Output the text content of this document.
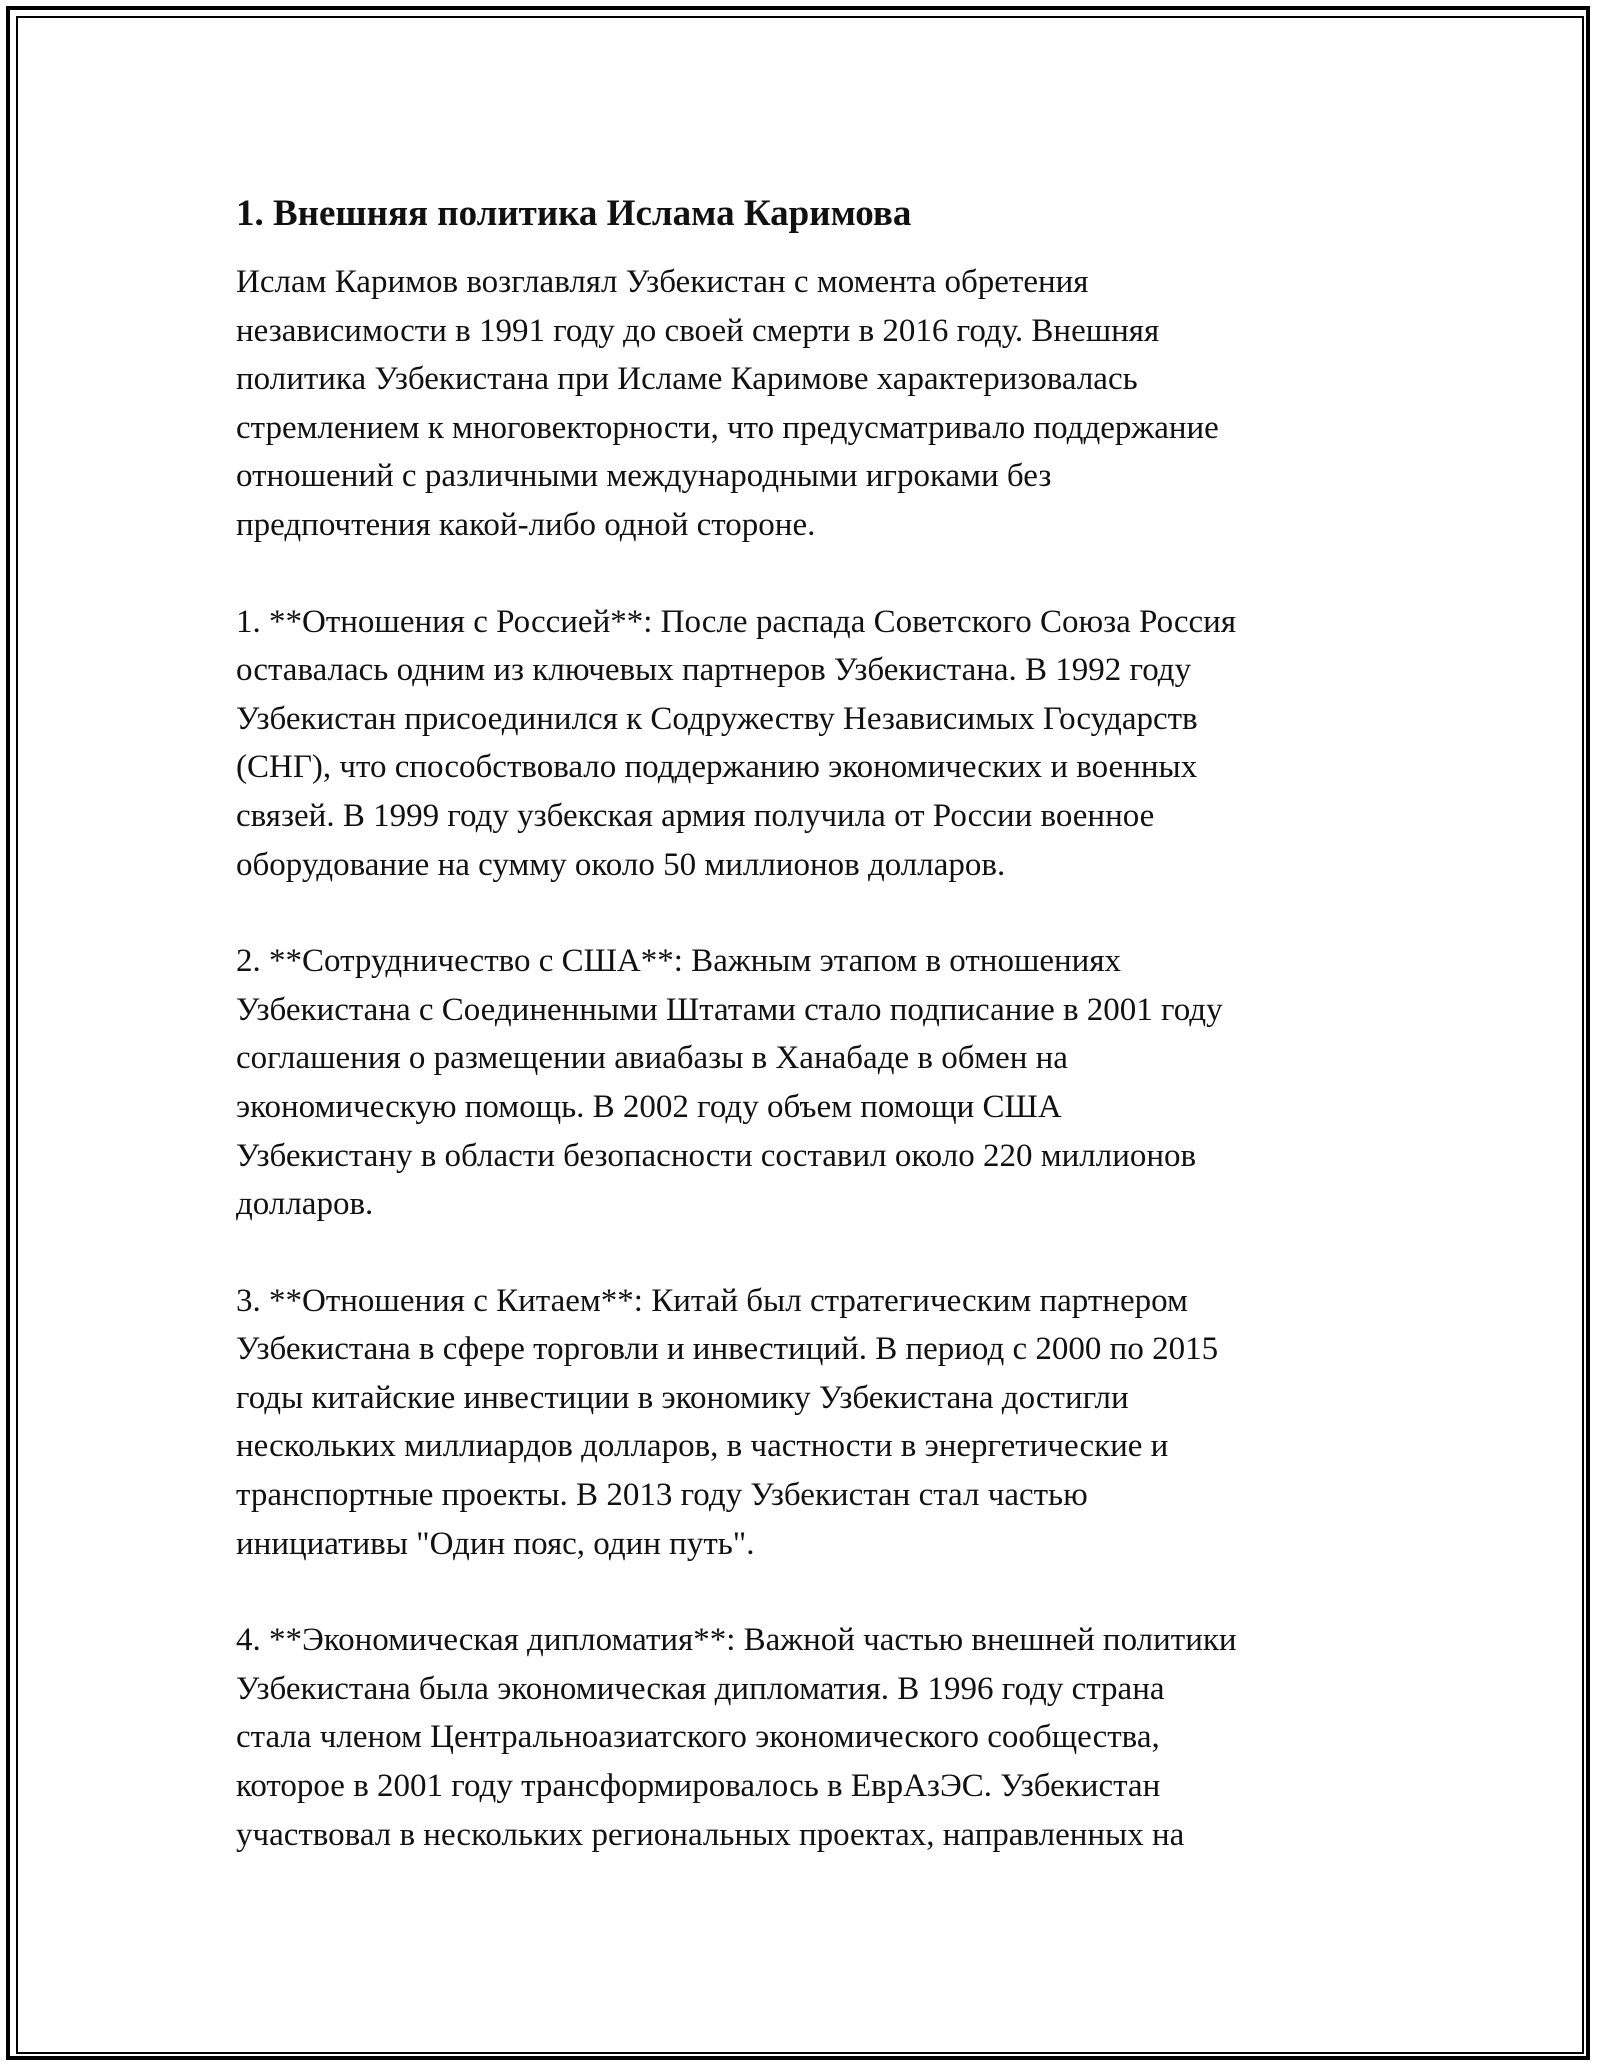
1. Внешняя политика Ислама Каримова

Ислам Каримов возглавлял Узбекистан с момента обретения
независимости в 1991 году до своей смерти в 2016 году. Внешняя
политика Узбекистана при Исламе Каримове характеризовалась
стремлением к многовекторности, что предусматривало поддержание
отношений с различными международными игроками без
предпочтения какой-либо одной стороне.

1. **Отношения с Россией**: После распада Советского Союза Россия
оставалась одним из ключевых партнеров Узбекистана. В 1992 году
Узбекистан присоединился к Содружеству Независимых Государств
(СНГ), что способствовало поддержанию экономических и военных
связей. В 1999 году узбекская армия получила от России военное
оборудование на сумму около 50 миллионов долларов.

2. **Сотрудничество с США**: Важным этапом в отношениях
Узбекистана с Соединенными Штатами стало подписание в 2001 году
соглашения о размещении авиабазы в Ханабаде в обмен на
экономическую помощь. В 2002 году объем помощи США
Узбекистану в области безопасности составил около 220 миллионов
долларов.

3. **Отношения с Китаем**: Китай был стратегическим партнером
Узбекистана в сфере торговли и инвестиций. В период с 2000 по 2015
годы китайские инвестиции в экономику Узбекистана достигли
нескольких миллиардов долларов, в частности в энергетические и
транспортные проекты. В 2013 году Узбекистан стал частью
инициативы "Один пояс, один путь".

4. **Экономическая дипломатия**: Важной частью внешней политики
Узбекистана была экономическая дипломатия. В 1996 году страна
стала членом Центральноазиатского экономического сообщества,
которое в 2001 году трансформировалось в ЕврАзЭС. Узбекистан
участвовал в нескольких региональных проектах, направленных на
